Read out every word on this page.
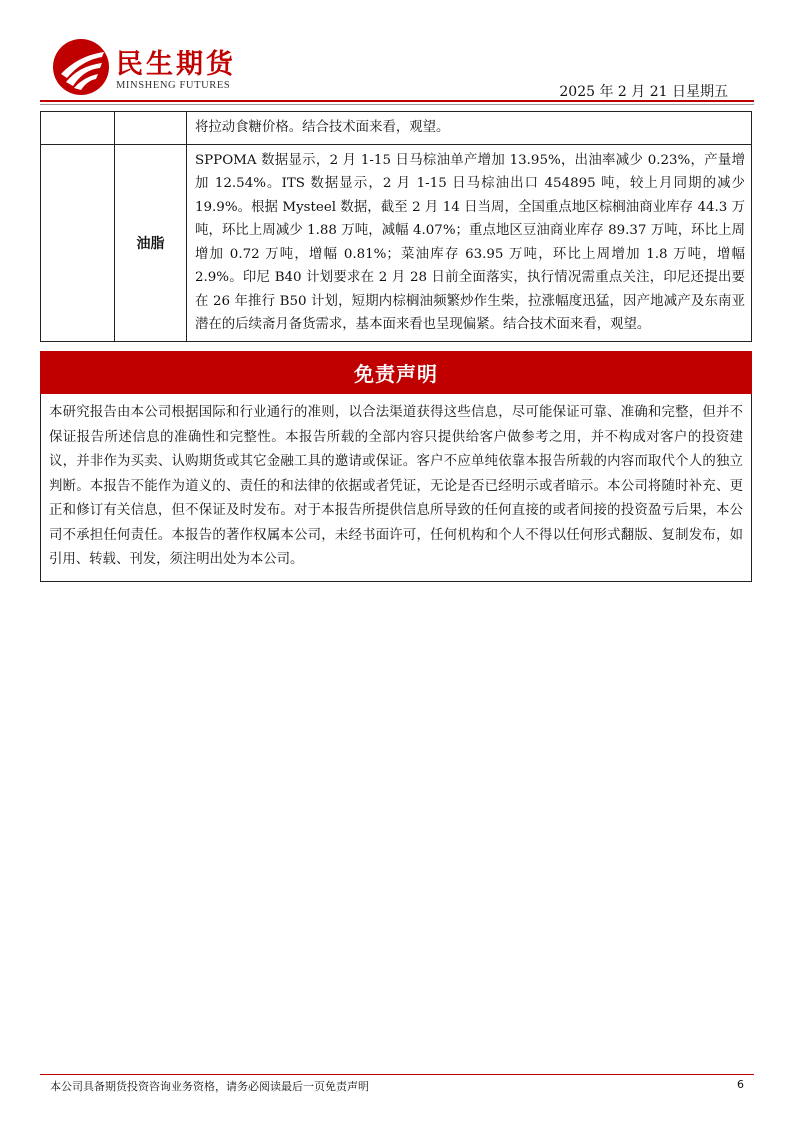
民生期货
MINSHENG FUTURES	2025 年 2 月 21 日星期五
将拉动食糖价格。结合技术面来看，观望。
油脂
SPPOMA 数据显示，2 月 1-15 日马棕油单产增加 13.95%，出油率减少 0.23%，产量增加 12.54%。ITS 数据显示，2 月 1-15 日马棕油出口 454895 吨，较上月同期的减少 19.9%。根据 Mysteel 数据，截至 2 月 14 日当周，全国重点地区棕榈油商业库存 44.3 万吨，环比上周减少 1.88 万吨，减幅 4.07%；重点地区豆油商业库存 89.37 万吨，环比上周增加 0.72 万吨，增幅 0.81%；菜油库存 63.95 万吨，环比上周增加 1.8 万吨，增幅 2.9%。印尼 B40 计划要求在 2 月 28 日前全面落实，执行情况需重点关注，印尼还提出要在 26 年推行 B50 计划，短期内棕榈油频繁炒作生柴，拉涨幅度迅猛，因产地减产及东南亚潜在的后续斋月备货需求，基本面来看也呈现偏紧。结合技术面来看，观望。
免责声明
本研究报告由本公司根据国际和行业通行的准则，以合法渠道获得这些信息，尽可能保证可靠、准确和完整，但并不保证报告所述信息的准确性和完整性。本报告所载的全部内容只提供给客户做参考之用，并不构成对客户的投资建议，并非作为买卖、认购期货或其它金融工具的邀请或保证。客户不应单纯依靠本报告所载的内容而取代个人的独立判断。本报告不能作为道义的、责任的和法律的依据或者凭证，无论是否已经明示或者暗示。本公司将随时补充、更正和修订有关信息，但不保证及时发布。对于本报告所提供信息所导致的任何直接的或者间接的投资盈亏后果，本公司不承担任何责任。本报告的著作权属本公司，未经书面许可，任何机构和个人不得以任何形式翻版、复制发布，如引用、转载、刊发，须注明出处为本公司。
本公司具备期货投资咨询业务资格，请务必阅读最后一页免责声明	6
